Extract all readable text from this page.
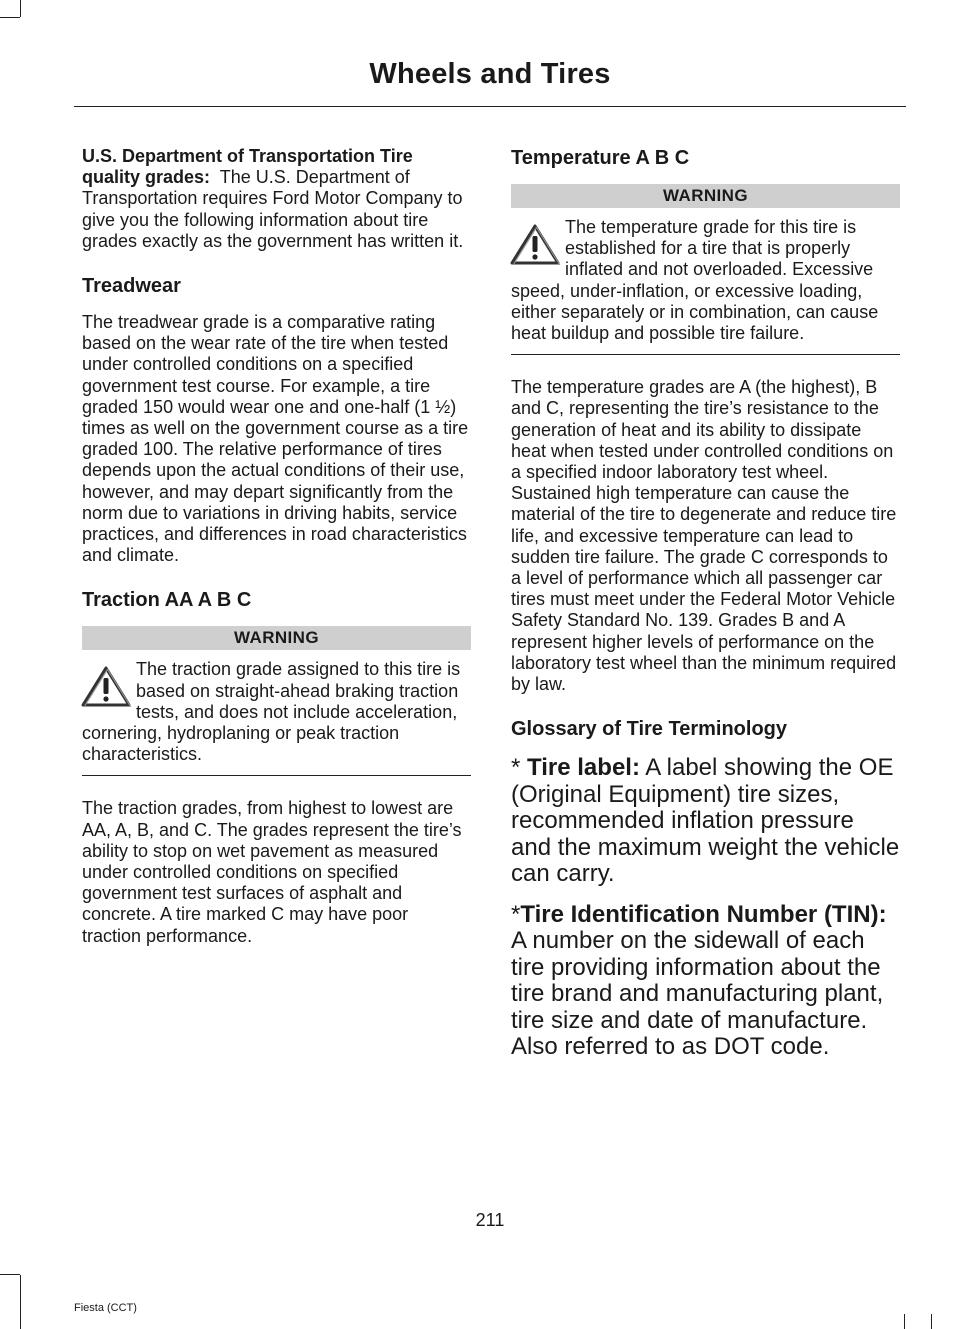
Wheels and Tires

U.S. Department of Transportation Tire quality grades: The U.S. Department of Transportation requires Ford Motor Company to give you the following information about tire grades exactly as the government has written it.

Treadwear

The treadwear grade is a comparative rating based on the wear rate of the tire when tested under controlled conditions on a specified government test course. For example, a tire graded 150 would wear one and one-half (1 ½) times as well on the government course as a tire graded 100. The relative performance of tires depends upon the actual conditions of their use, however, and may depart significantly from the norm due to variations in driving habits, service practices, and differences in road characteristics and climate.

Traction AA A B C
WARNING

The traction grade assigned to this tire is based on straight-ahead braking traction tests, and does not include acceleration, cornering, hydroplaning or peak traction characteristics.

The traction grades, from highest to lowest are AA, A, B, and C. The grades represent the tire’s ability to stop on wet pavement as measured under controlled conditions on specified government test surfaces of asphalt and concrete. A tire marked C may have poor traction performance.

Temperature A B C
WARNING

The temperature grade for this tire is established for a tire that is properly inflated and not overloaded. Excessive speed, under-inflation, or excessive loading, either separately or in combination, can cause heat buildup and possible tire failure.

The temperature grades are A (the highest), B and C, representing the tire’s resistance to the generation of heat and its ability to dissipate heat when tested under controlled conditions on a specified indoor laboratory test wheel. Sustained high temperature can cause the material of the tire to degenerate and reduce tire life, and excessive temperature can lead to sudden tire failure. The grade C corresponds to a level of performance which all passenger car tires must meet under the Federal Motor Vehicle Safety Standard No. 139. Grades B and A represent higher levels of performance on the laboratory test wheel than the minimum required by law.

Glossary of Tire Terminology

* Tire label: A label showing the OE (Original Equipment) tire sizes, recommended inflation pressure and the maximum weight the vehicle can carry.

*Tire Identification Number (TIN): A number on the sidewall of each tire providing information about the tire brand and manufacturing plant, tire size and date of manufacture. Also referred to as DOT code.

211
Fiesta (CCT)
